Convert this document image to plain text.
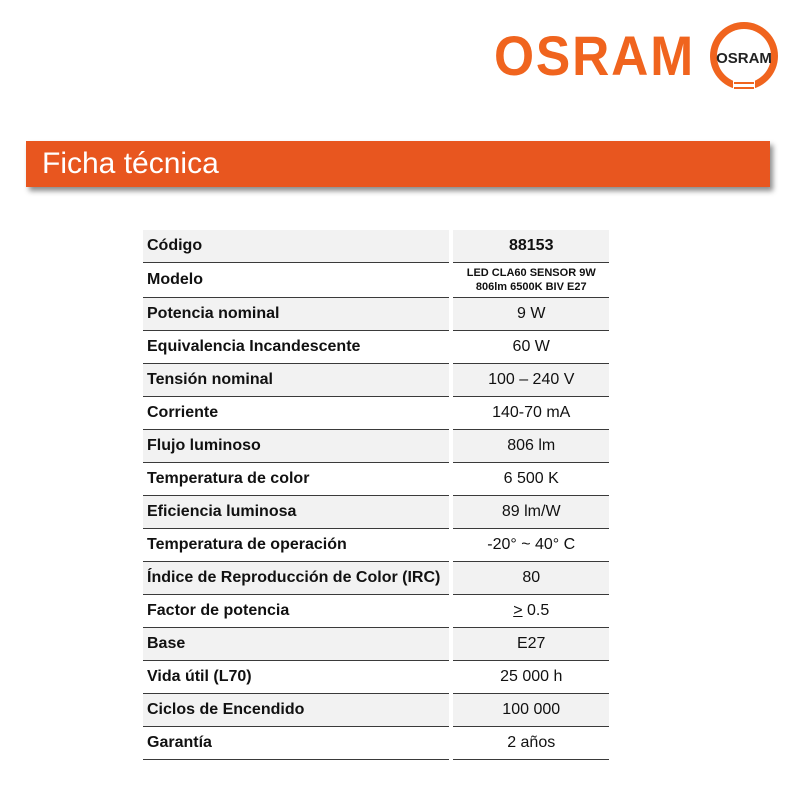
OSRAM OSRAM
Ficha técnica
Código	88153
Modelo	LED CLA60 SENSOR 9W
806lm 6500K BIV E27

Potencia nominal	9 W
Equivalencia Incandescente	60 W
Tensión nominal	100 – 240 V
Corriente	140-70 mA
Flujo luminoso	806 lm
Temperatura de color	6 500 K
Eficiencia luminosa	89 lm/W
Temperatura de operación	-20° ~ 40° C
Índice de Reproducción de Color (IRC)	80
Factor de potencia	> 0.5
Base	E27
Vida útil (L70)	25 000 h
Ciclos de Encendido	100 000
Garantía	2 años
